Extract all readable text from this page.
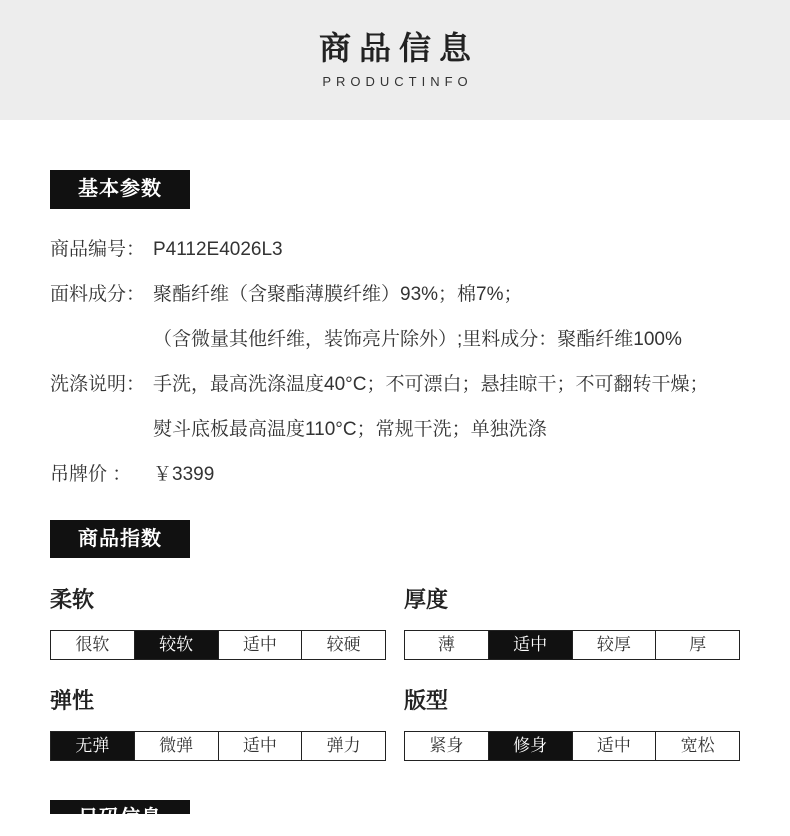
商品信息
PRODUCTINFO
基本参数
商品编号： P4112E4026L3
面料成分： 聚酯纤维（含聚酯薄膜纤维）93%；棉7%；
（含微量其他纤维，装饰亮片除外）;里料成分：聚酯纤维100%
洗涤说明： 手洗，最高洗涤温度40°C；不可漂白；悬挂晾干；不可翻转干燥；
熨斗底板最高温度110°C；常规干洗；单独洗涤
吊牌价 ：	￥3399
商品指数
柔软
很软	较软	适中	较硬
厚度
薄	适中	较厚	厚
弹性
无弹	微弹	适中	弹力
版型
紧身	修身	适中	宽松
尺码信息
